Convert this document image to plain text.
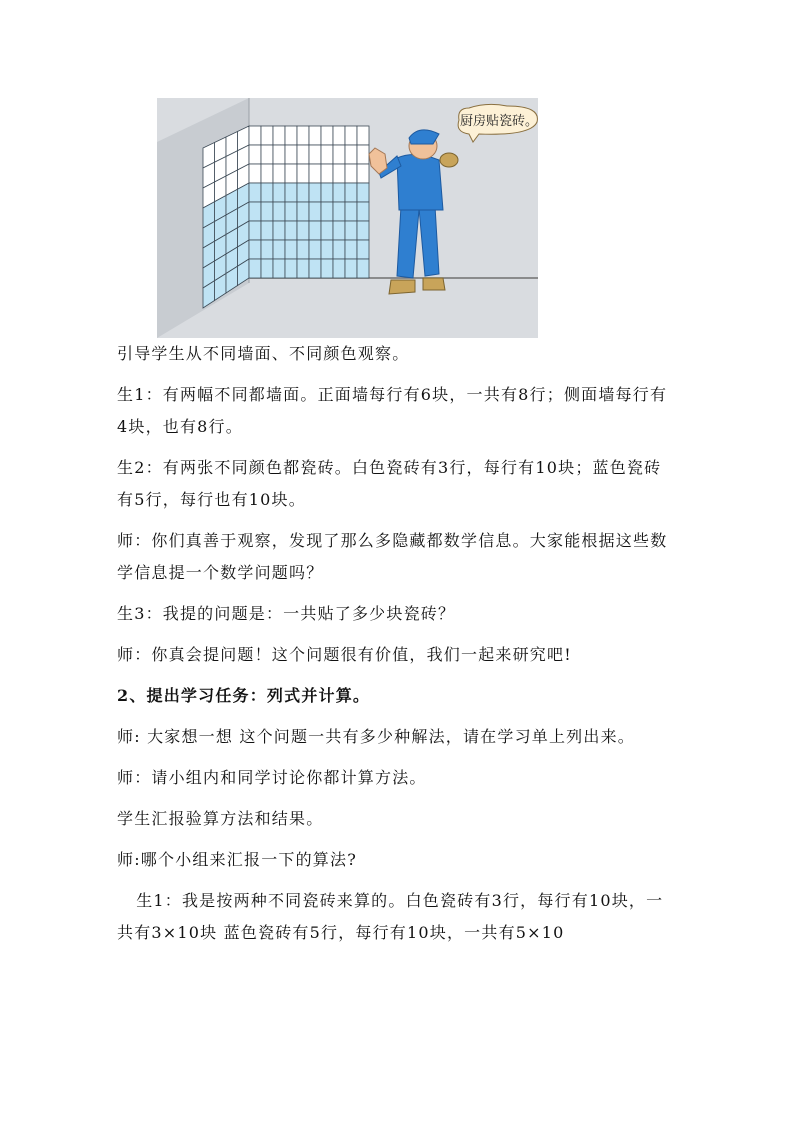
厨房贴瓷砖。

引导学生从不同墙面、不同颜色观察。

生1：有两幅不同都墙面。正面墙每行有6块，一共有8行；侧面墙每行有4块，也有8行。

生2：有两张不同颜色都瓷砖。白色瓷砖有3行，每行有10块；蓝色瓷砖有5行，每行也有10块。

师：你们真善于观察，发现了那么多隐藏都数学信息。大家能根据这些数学信息提一个数学问题吗？

生3：我提的问题是：一共贴了多少块瓷砖？

师：你真会提问题！这个问题很有价值，我们一起来研究吧!

2、提出学习任务：列式并计算。

师: 大家想一想 这个问题一共有多少种解法，请在学习单上列出来。

师：请小组内和同学讨论你都计算方法。

学生汇报验算方法和结果。

师:哪个小组来汇报一下的算法?

生1：我是按两种不同瓷砖来算的。白色瓷砖有3行，每行有10块，一共有3×10块 蓝色瓷砖有5行，每行有10块，一共有5×10
